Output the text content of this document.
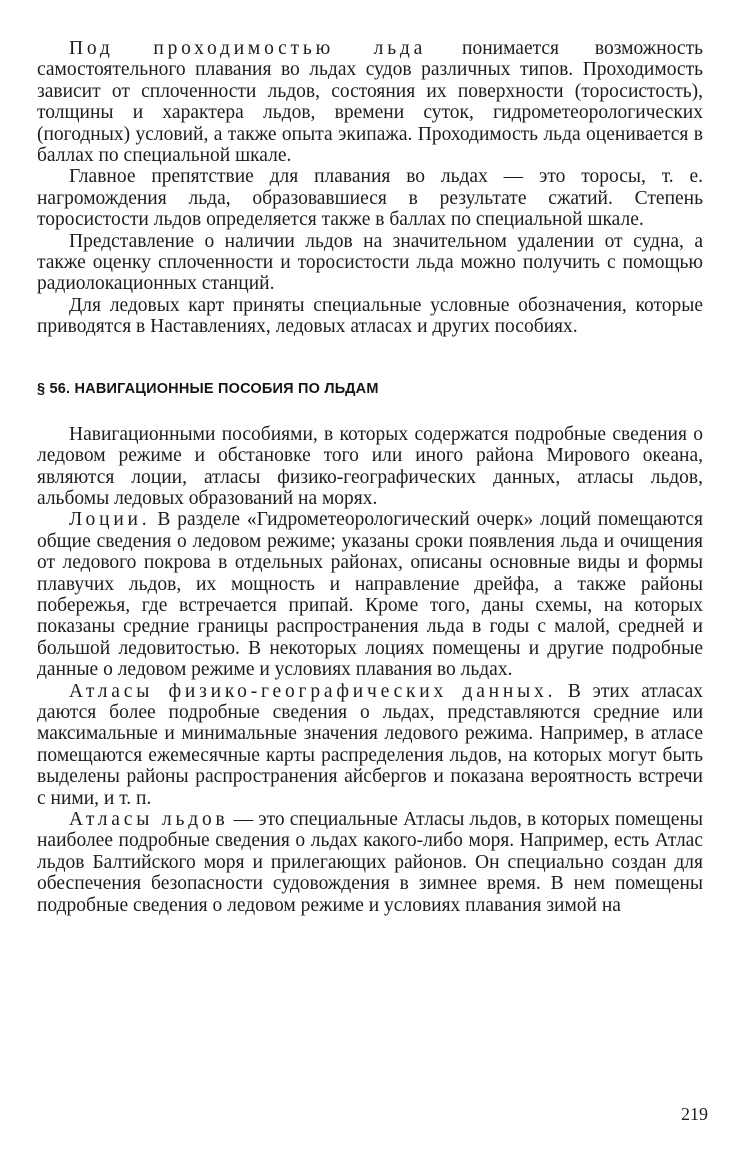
Под проходимостью льда понимается возможность самостоятельного плавания во льдах судов различных типов. Проходимость зависит от сплоченности льдов, состояния их поверхности (торосистость), толщины и характера льдов, времени суток, гидрометеорологических (погодных) условий, а также опыта экипажа. Проходимость льда оценивается в баллах по специальной шкале.

Главное препятствие для плавания во льдах — это торосы, т. е. нагромождения льда, образовавшиеся в результате сжатий. Степень торосистости льдов определяется также в баллах по специальной шкале.

Представление о наличии льдов на значительном удалении от судна, а также оценку сплоченности и торосистости льда можно получить с помощью радиолокационных станций.

Для ледовых карт приняты специальные условные обозначения, которые приводятся в Наставлениях, ледовых атласах и других пособиях.

§ 56. НАВИГАЦИОННЫЕ ПОСОБИЯ ПО ЛЬДАМ

Навигационными пособиями, в которых содержатся подробные сведения о ледовом режиме и обстановке того или иного района Мирового океана, являются лоции, атласы физико-географических данных, атласы льдов, альбомы ледовых образований на морях.

Лоции. В разделе «Гидрометеорологический очерк» лоций помещаются общие сведения о ледовом режиме; указаны сроки появления льда и очищения от ледового покрова в отдельных районах, описаны основные виды и формы плавучих льдов, их мощность и направление дрейфа, а также районы побережья, где встречается припай. Кроме того, даны схемы, на которых показаны средние границы распространения льда в годы с малой, средней и большой ледовитостью. В некоторых лоциях помещены и другие подробные данные о ледовом режиме и условиях плавания во льдах.

Атласы физико-географических данных. В этих атласах даются более подробные сведения о льдах, представляются средние или максимальные и минимальные значения ледового режима. Например, в атласе помещаются ежемесячные карты распределения льдов, на которых могут быть выделены районы распространения айсбергов и показана вероятность встречи с ними, и т. п.

Атласы льдов — это специальные Атласы льдов, в которых помещены наиболее подробные сведения о льдах какого-либо моря. Например, есть Атлас льдов Балтийского моря и прилегающих районов. Он специально создан для обеспечения безопасности судовождения в зимнее время. В нем помещены подробные сведения о ледовом режиме и условиях плавания зимой на

219
